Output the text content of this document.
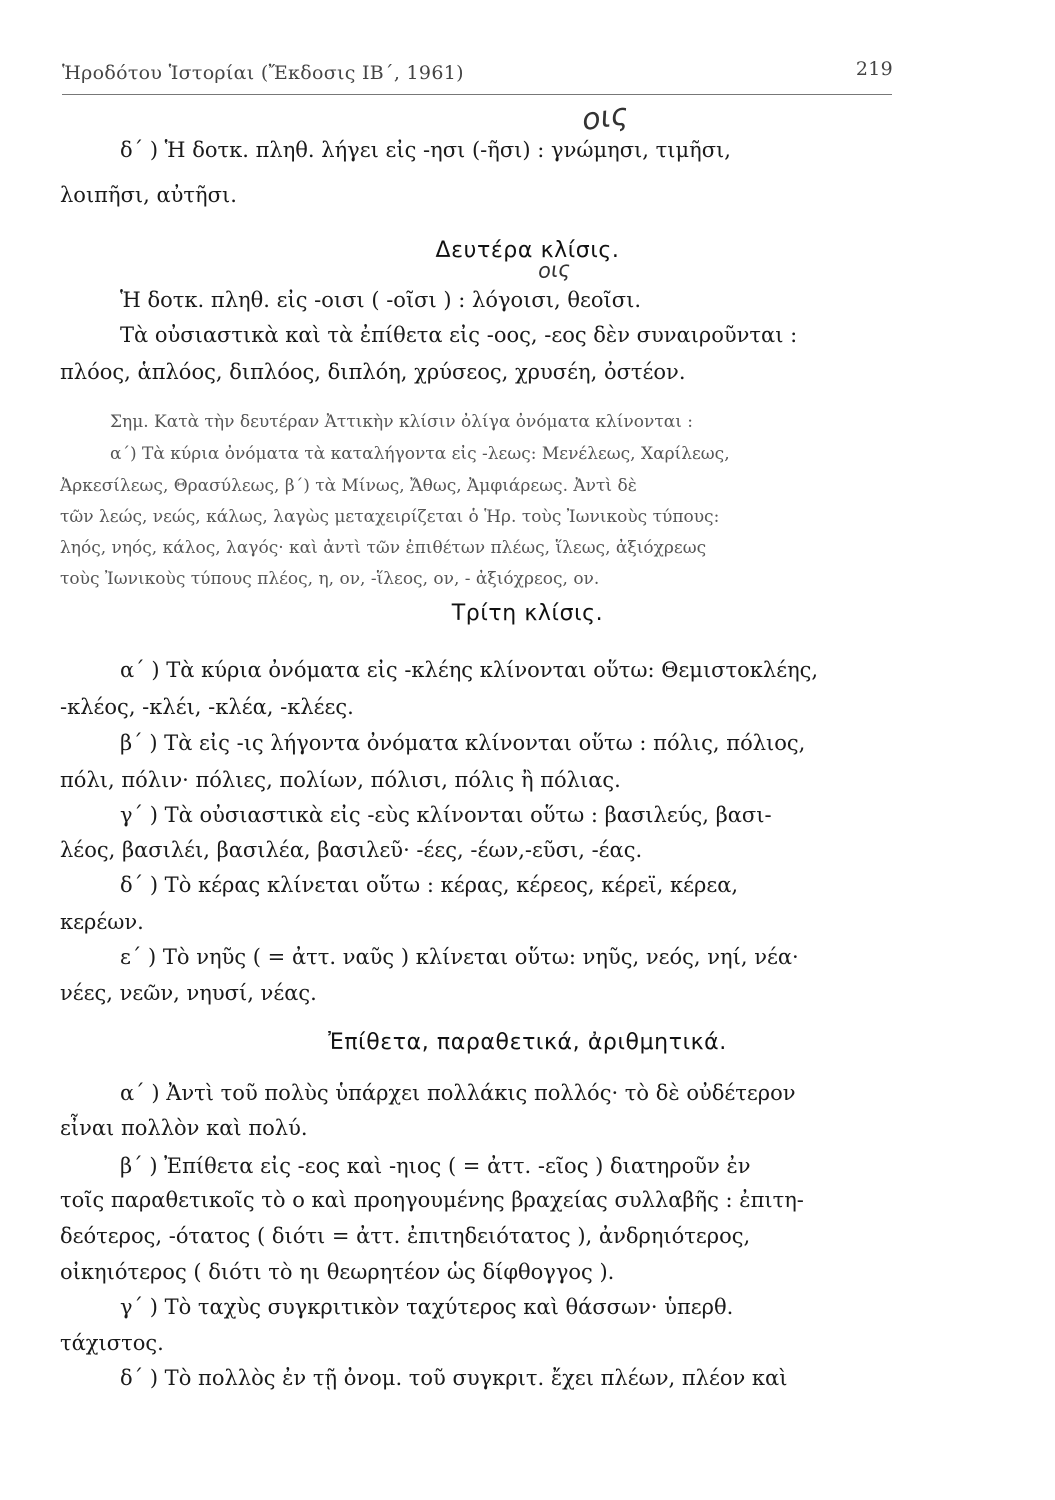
Ἡροδότου Ἱστορίαι (Ἔκδοσις ΙΒ΄, 1961)	219
οις
οις
δ΄ ) Ἡ δοτκ. πληθ. λήγει εἰς -ησι (-ῆσι) : γνώμησι, τιμῆσι,
λοιπῆσι, αὐτῆσι.
Δευτέρα κλίσις.
Ἡ δοτκ. πληθ. εἰς -οισι ( -οῖσι ) : λόγοισι, θεοῖσι.
Τὰ οὐσιαστικὰ καὶ τὰ ἐπίθετα εἰς -οος, -εος δὲν συναιροῦνται :
πλόος, ἁπλόος, διπλόος, διπλόη, χρύσεος, χρυσέη, ὀστέον.
Σημ. Κατὰ τὴν δευτέραν Ἀττικὴν κλίσιν ὀλίγα ὀνόματα κλίνονται :
α΄) Τὰ κύρια ὀνόματα τὰ καταλήγοντα εἰς -λεως: Μενέλεως, Χαρίλεως,
Ἀρκεσίλεως, Θρασύλεως, β΄) τὰ Μίνως, Ἄθως, Ἀμφιάρεως. Ἀντὶ δὲ
τῶν λεώς, νεώς, κάλως, λαγὼς μεταχειρίζεται ὁ Ἡρ. τοὺς Ἰωνικοὺς τύπους:
ληός, νηός, κάλος, λαγός· καὶ ἀντὶ τῶν ἐπιθέτων πλέως, ἵλεως, ἀξιόχρεως
τοὺς Ἰωνικοὺς τύπους πλέος, η, ον, -ἵλεος, ον, - ἀξιόχρεος, ον.
Τρίτη κλίσις.
α΄ ) Τὰ κύρια ὀνόματα εἰς -κλέης κλίνονται οὕτω: Θεμιστοκλέης,
-κλέος, -κλέι, -κλέα, -κλέες.
β΄ ) Τὰ εἰς -ις λήγοντα ὀνόματα κλίνονται οὕτω : πόλις, πόλιος,
πόλι, πόλιν· πόλιες, πολίων, πόλισι, πόλις ἢ πόλιας.
γ΄ ) Τὰ οὐσιαστικὰ εἰς -εὺς κλίνονται οὕτω : βασιλεύς, βασι-
λέος, βασιλέι, βασιλέα, βασιλεῦ· -έες, -έων,-εῦσι, -έας.
δ΄ ) Τὸ κέρας κλίνεται οὕτω : κέρας, κέρεος, κέρεϊ, κέρεα,
κερέων.
ε΄ ) Τὸ νηῦς ( = ἀττ. ναῦς ) κλίνεται οὕτω: νηῦς, νεός, νηί, νέα·
νέες, νεῶν, νηυσί, νέας.
Ἐπίθετα, παραθετικά, ἀριθμητικά.
α΄ ) Ἀντὶ τοῦ πολὺς ὑπάρχει πολλάκις πολλός· τὸ δὲ οὐδέτερον
εἶναι πολλὸν καὶ πολύ.
β΄ ) Ἐπίθετα εἰς -εος καὶ -ηιος ( = ἀττ. -εῖος ) διατηροῦν ἐν
τοῖς παραθετικοῖς τὸ ο καὶ προηγουμένης βραχείας συλλαβῆς : ἐπιτη-
δεότερος, -ότατος ( διότι = ἀττ. ἐπιτηδειότατος ), ἀνδρηιότερος,
οἰκηιότερος ( διότι τὸ ηι θεωρητέον ὡς δίφθογγος ).
γ΄ ) Τὸ ταχὺς συγκριτικὸν ταχύτερος καὶ θάσσων· ὑπερθ.
τάχιστος.
δ΄ ) Τὸ πολλὸς ἐν τῇ ὀνομ. τοῦ συγκριτ. ἔχει πλέων, πλέον καὶ
